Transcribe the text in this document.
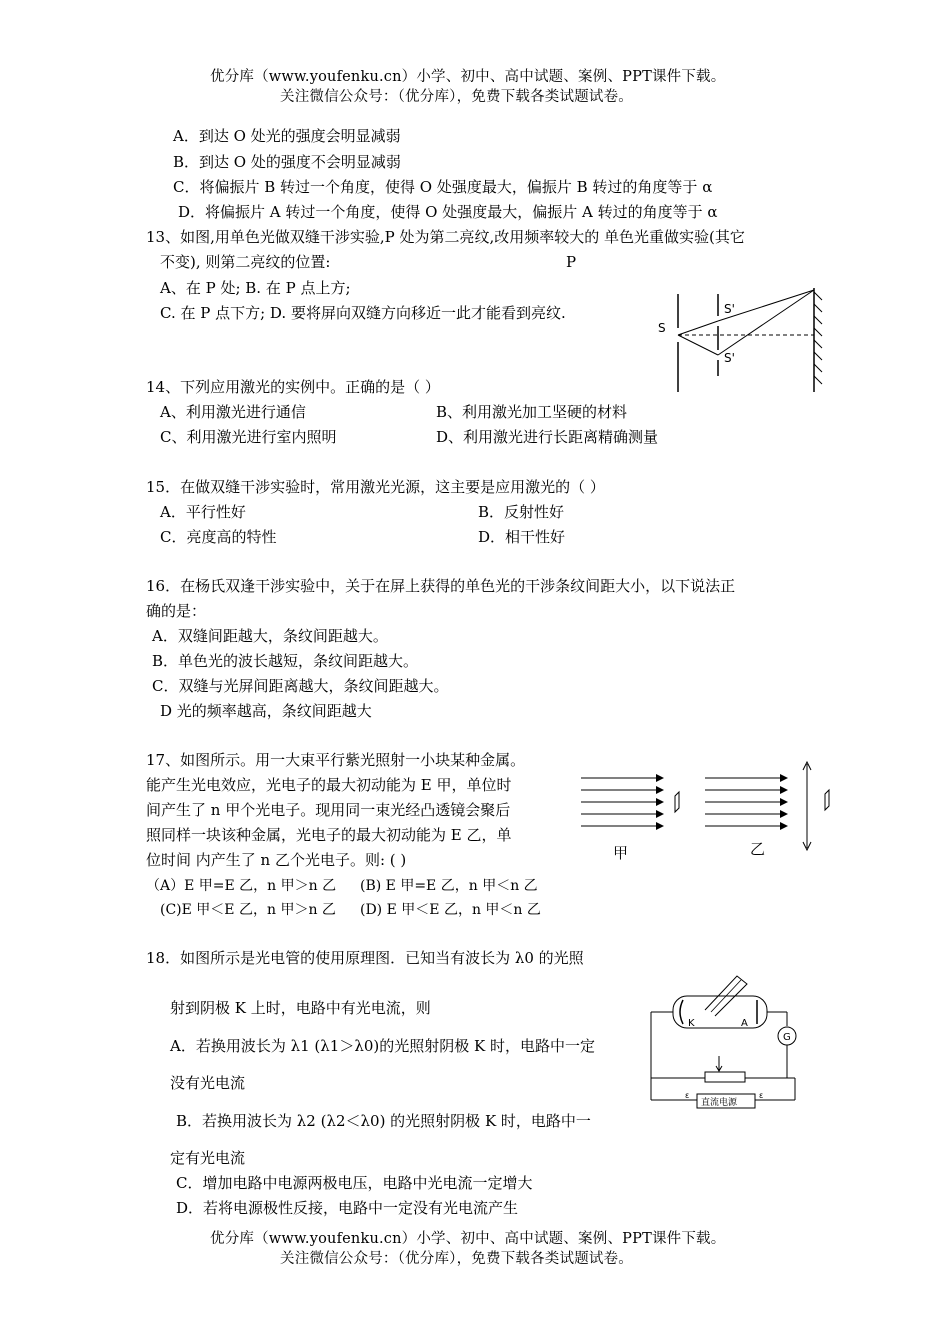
优分库（www.youfenku.cn）小学、初中、高中试题、案例、PPT课件下载。
关注微信公众号：（优分库），免费下载各类试题试卷。
A．到达 O 处光的强度会明显减弱
B．到达 O 处的强度不会明显减弱
C．将偏振片 B 转过一个角度，使得 O 处强度最大，偏振片 B 转过的角度等于 α
D．将偏振片 A 转过一个角度，使得 O 处强度最大，偏振片 A 转过的角度等于 α
13、如图,用单色光做双缝干涉实验,P 处为第二亮纹,改用频率较大的 单色光重做实验(其它
不变), 则第二亮纹的位置:	P
A、在 P 处; B. 在 P 点上方;
C. 在 P 点下方; D. 要将屏向双缝方向移近一此才能看到亮纹.
S
S'
S'
14、下列应用激光的实例中。正确的是（ ）
A、利用激光进行通信	B、利用激光加工坚硬的材料
C、利用激光进行室内照明	D、利用激光进行长距离精确测量
15．在做双缝干涉实验时，常用激光光源，这主要是应用激光的（ ）
A．平行性好	B．反射性好
C．亮度高的特性	D．相干性好
16．在杨氏双逢干涉实验中，关于在屏上获得的单色光的干涉条纹间距大小，以下说法正
确的是：
A．双缝间距越大，条纹间距越大。
B．单色光的波长越短，条纹间距越大。
C．双缝与光屏间距离越大，条纹间距越大。
D 光的频率越高，条纹间距越大
17、如图所示。用一大束平行紫光照射一小块某种金属。
能产生光电效应，光电子的最大初动能为 E 甲，单位时
间产生了 n 甲个光电子。现用同一束光经凸透镜会聚后
照同样一块该种金属，光电子的最大初动能为 E 乙，单
位时间 内产生了 n 乙个光电子。则: ( )
（A）E 甲=E 乙，n 甲＞n 乙 (B) E 甲=E 乙，n 甲＜n 乙
(C)E 甲＜E 乙，n 甲＞n 乙 (D) E 甲＜E 乙，n 甲＜n 乙
甲	乙
18．如图所示是光电管的使用原理图．已知当有波长为 λ0 的光照
射到阴极 K 上时，电路中有光电流，则
A．若换用波长为 λ1 (λ1＞λ0)的光照射阴极 K 时，电路中一定
没有光电流
B．若换用波长为 λ2 (λ2＜λ0) 的光照射阴极 K 时，电路中一
定有光电流
C．增加电路中电源两极电压，电路中光电流一定增大
D．若将电源极性反接，电路中一定没有光电流产生
K	A
G
直流电源
ε	ε
优分库（www.youfenku.cn）小学、初中、高中试题、案例、PPT课件下载。
关注微信公众号：（优分库），免费下载各类试题试卷。
